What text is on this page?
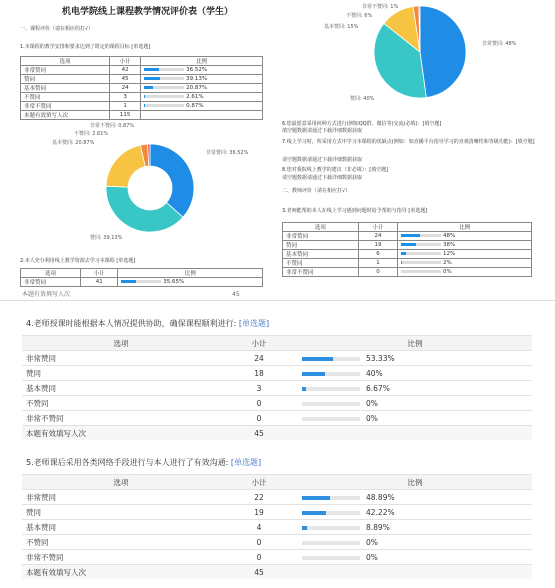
机电学院线上课程教学情况评价表（学生）
一、课程评价（请在相应的打√）
1.本课程的教学安排和要求达到了既定的课程目标 [单选题]
选项	小计	比例
非常赞同	42	36.52%
赞同	45	39.13%
基本赞同	24	20.87%
不赞同	3	2.61%
非常不赞同	1	0.87%
本题有效填写人次	115	
非常不赞同: 0.87%
不赞同: 2.61%
基本赞同: 20.87%
非常赞同: 36.52%
赞同: 39.13%
2.本人充分利用线上教学资源去学习本课程 [单选题]
选项	小计	比例
非常赞同	41	35.65%
非常不赞同: 1%
不赞同: 6%
基本赞同: 15%
非常赞同: 48%
赞同: 40%
6.您最愿意采用何种方式进行(例如QQ群、微信等)交流(必填)：[填空题]
填空题数据请通过下载详细数据获取
7.线上学习时，所采用方式中学习本课程的优缺点(例如：如直播平台指导学习的直观清晰性和等级功能)：[填空题]
请空题数据请通过下载详细数据获取
8.您对我院线上教学的建议（非必填）：[填空题]
请空题数据请通过下载详细数据获取
二、教师评价（请在相应打√）
3.老师能帮助本人在线上学习遇到问题时给予帮助与指导 [单选题]
选项	小计	比例
非常赞同	24	48%
赞同	19	38%
基本赞同	6	12%
不赞同	1	2%
非常不赞同	0	0%
本题有效填写人次	45
4.老师授课时能根据本人情况提供协助，确保课程顺利进行: [单选题]
选项	小计	比例
非常赞同	24	53.33%
赞同	18	40%
基本赞同	3	6.67%
不赞同	0	0%
非常不赞同	0	0%
本题有效填写人次	45	
5.老师课后采用各类网络手段进行与本人进行了有效沟通: [单选题]
选项	小计	比例
非常赞同	22	48.89%
赞同	19	42.22%
基本赞同	4	8.89%
不赞同	0	0%
非常不赞同	0	0%
本题有效填写人次	45	
